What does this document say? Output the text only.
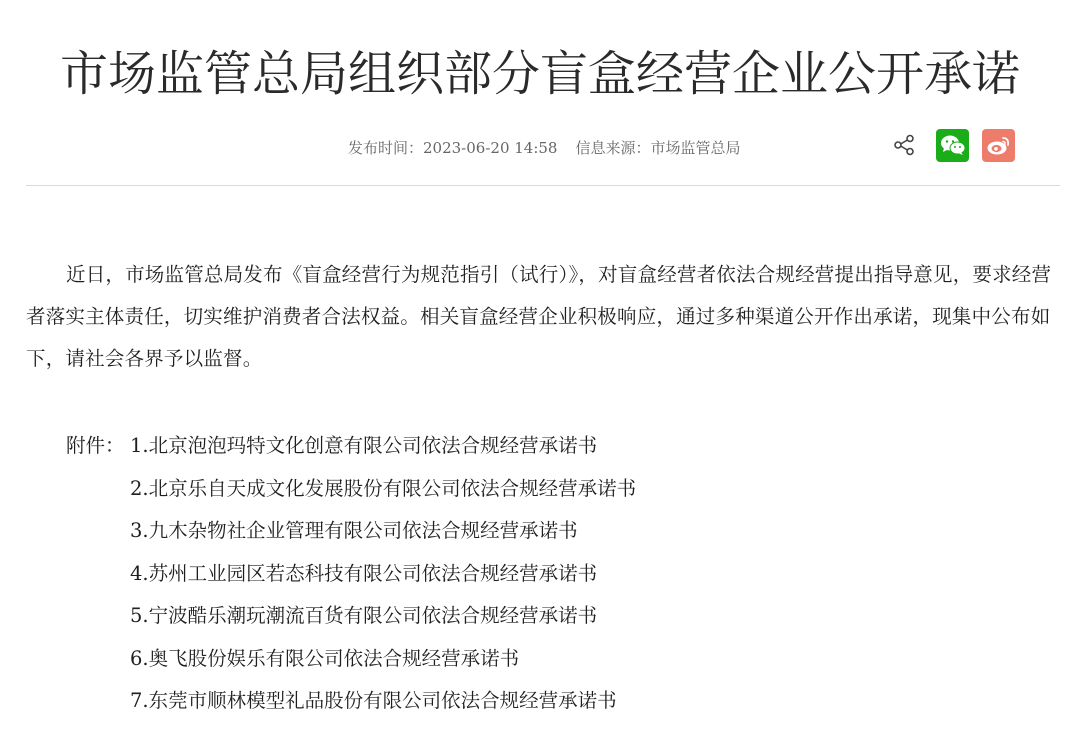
市场监管总局组织部分盲盒经营企业公开承诺
发布时间：2023-06-20 14:58 信息来源：市场监管总局

近日，市场监管总局发布《盲盒经营行为规范指引（试行）》，对盲盒经营者依法合规经营提出指导意见，要求经营者落实主体责任，切实维护消费者合法权益。相关盲盒经营企业积极响应，通过多种渠道公开作出承诺，现集中公布如下，请社会各界予以监督。

附件： 1.北京泡泡玛特文化创意有限公司依法合规经营承诺书
2.北京乐自天成文化发展股份有限公司依法合规经营承诺书
3.九木杂物社企业管理有限公司依法合规经营承诺书
4.苏州工业园区若态科技有限公司依法合规经营承诺书
5.宁波酷乐潮玩潮流百货有限公司依法合规经营承诺书
6.奥飞股份娱乐有限公司依法合规经营承诺书
7.东莞市顺林模型礼品股份有限公司依法合规经营承诺书
